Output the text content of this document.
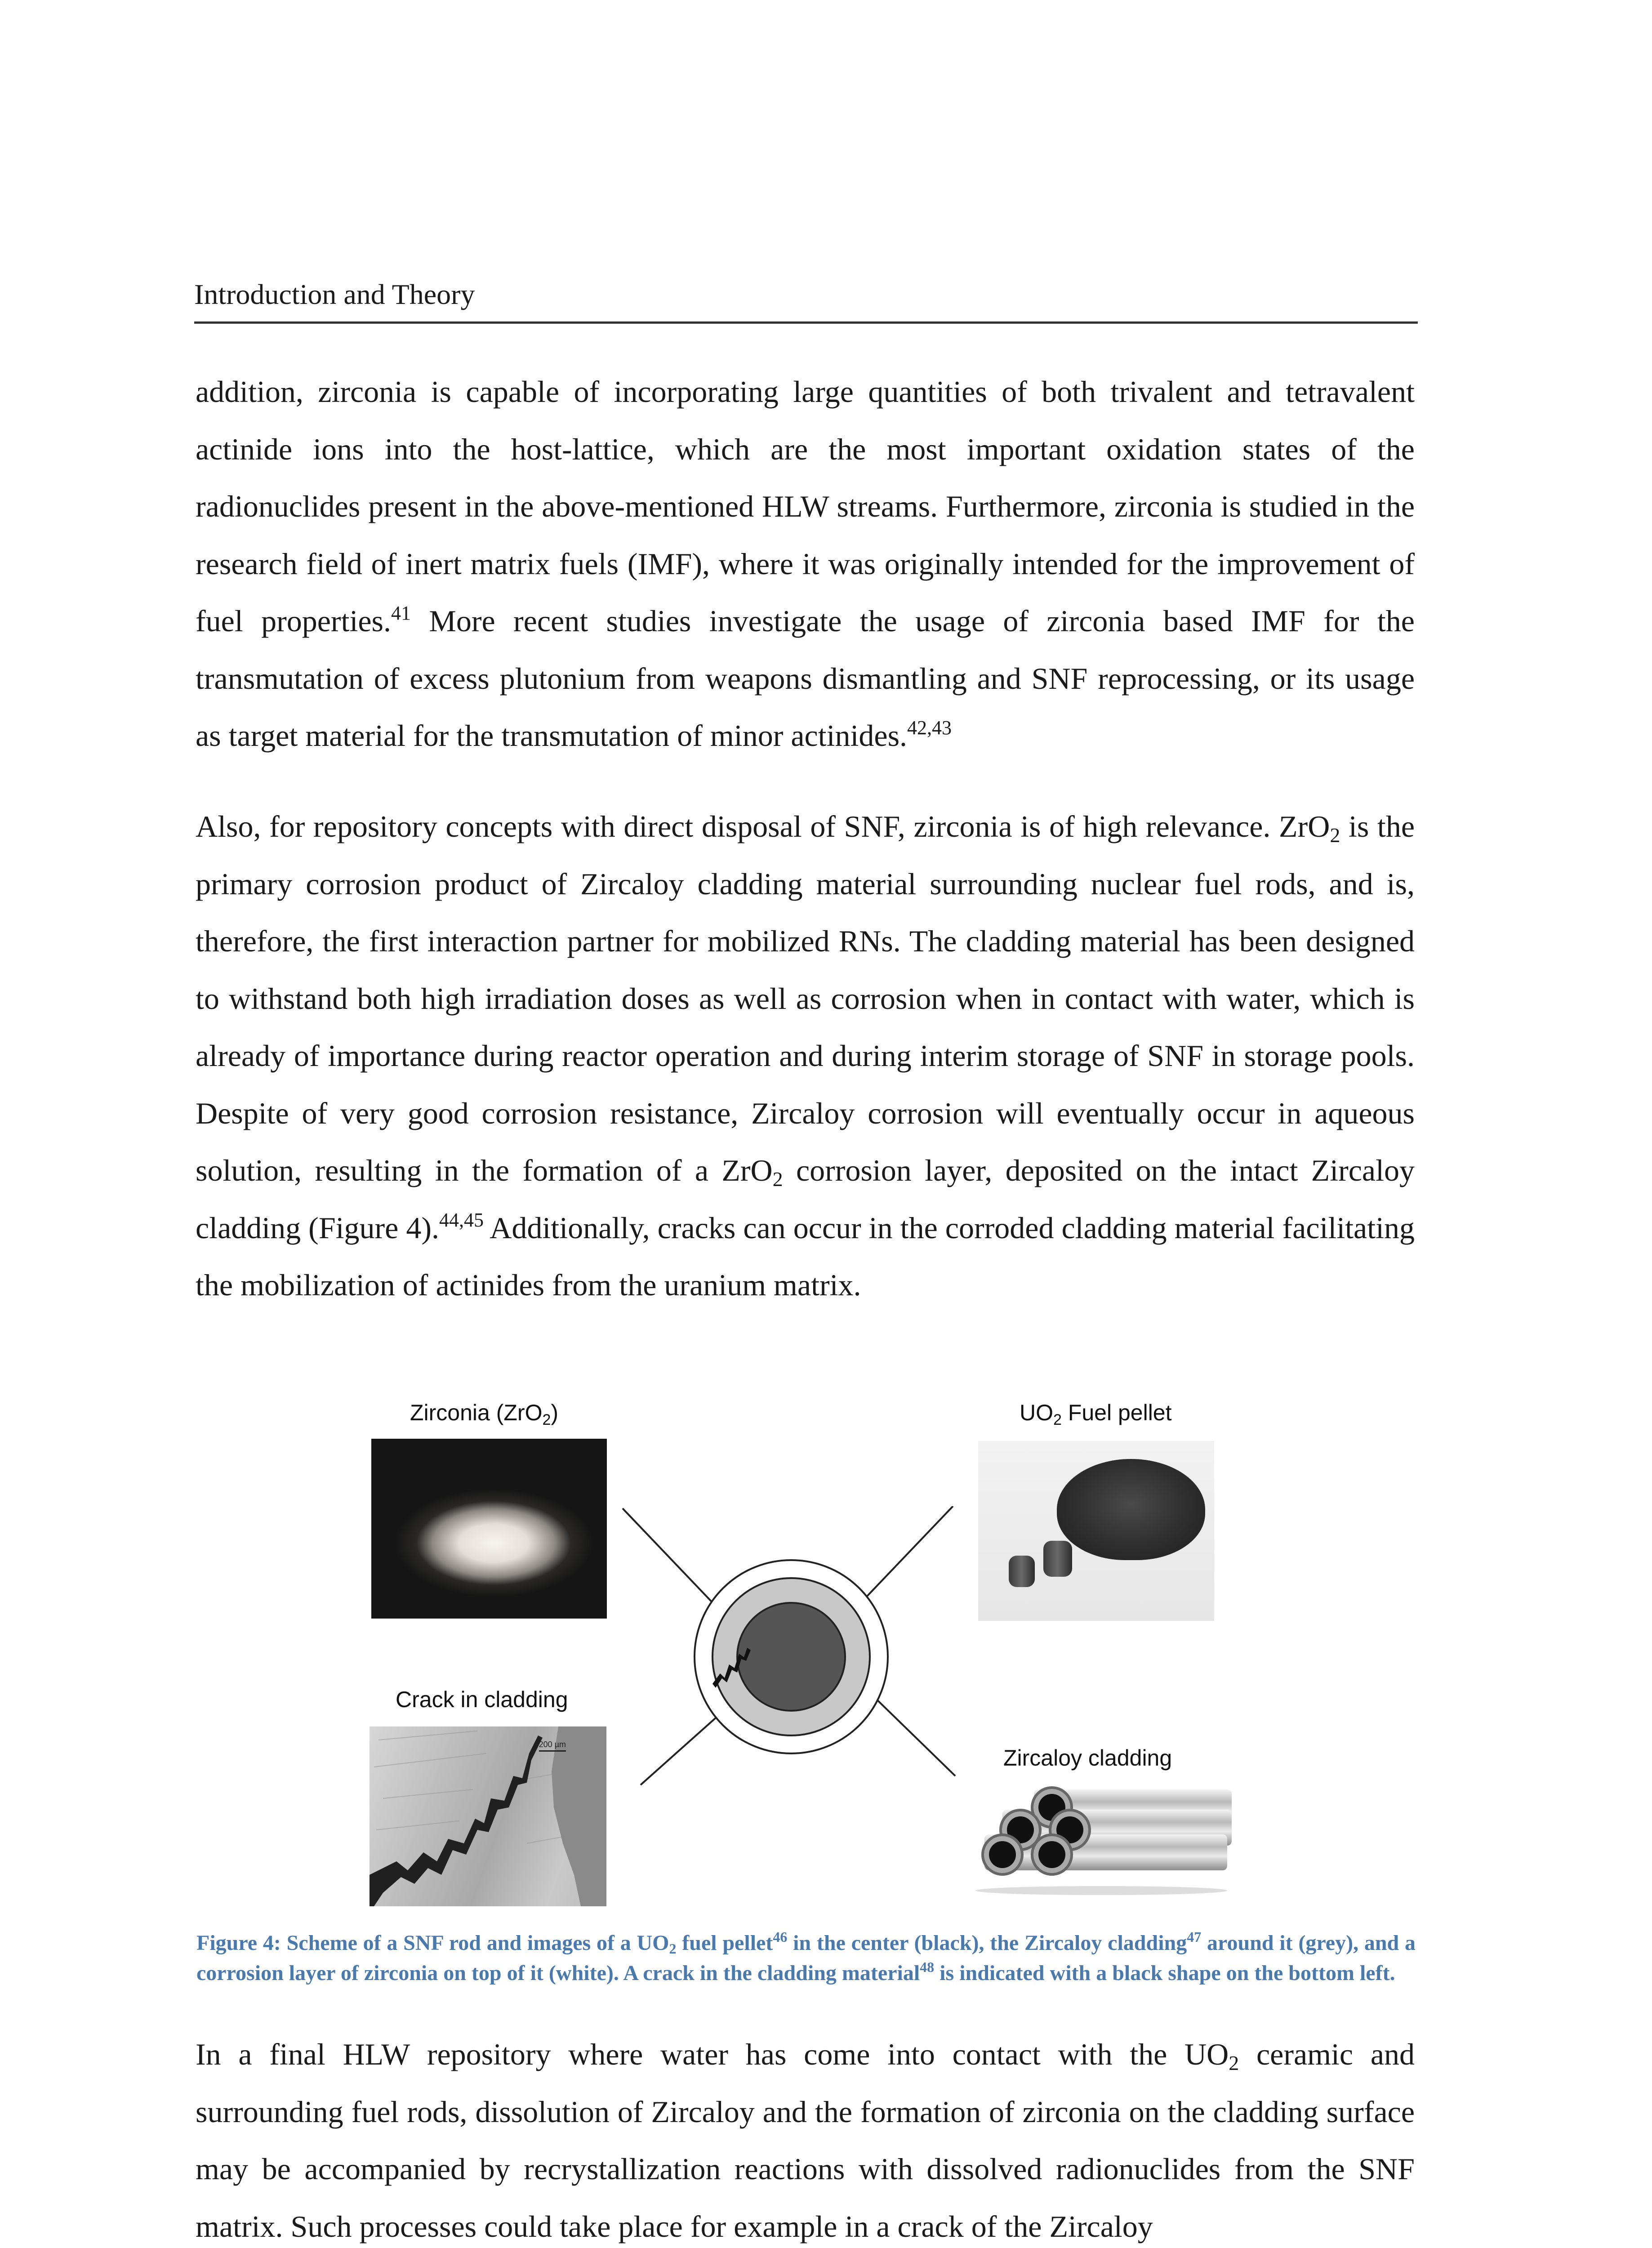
Introduction and Theory

addition, zirconia is capable of incorporating large quantities of both trivalent and tetravalent actinide ions into the host-lattice, which are the most important oxidation states of the radionuclides present in the above-mentioned HLW streams. Furthermore, zirconia is studied in the research field of inert matrix fuels (IMF), where it was originally intended for the improvement of fuel properties.$^{41}$ More recent studies investigate the usage of zirconia based IMF for the transmutation of excess plutonium from weapons dismantling and SNF reprocessing, or its usage as target material for the transmutation of minor actinides.$^{42,43}$

Also, for repository concepts with direct disposal of SNF, zirconia is of high relevance. ZrO$_2$ is the primary corrosion product of Zircaloy cladding material surrounding nuclear fuel rods, and is, therefore, the first interaction partner for mobilized RNs. The cladding material has been designed to withstand both high irradiation doses as well as corrosion when in contact with water, which is already of importance during reactor operation and during interim storage of SNF in storage pools. Despite of very good corrosion resistance, Zircaloy corrosion will eventually occur in aqueous solution, resulting in the formation of a ZrO$_2$ corrosion layer, deposited on the intact Zircaloy cladding (Figure 4).$^{44,45}$ Additionally, cracks can occur in the corroded cladding material facilitating the mobilization of actinides from the uranium matrix.

Zirconia (ZrO$_2$)	$UO_2$ Fuel pellet
Crack in cladding
Zircaloy cladding
200 µm

Figure 4: Scheme of a SNF rod and images of a $UO_2$ fuel pellet$^{46}$ in the center (black), the Zircaloy cladding$^{47}$ around it (grey), and a corrosion layer of zirconia on top of it (white). A crack in the cladding material$^{48}$ is indicated with a black shape on the bottom left.

In a final HLW repository where water has come into contact with the $UO_2$ ceramic and surrounding fuel rods, dissolution of Zircaloy and the formation of zirconia on the cladding surface may be accompanied by recrystallization reactions with dissolved radionuclides from the SNF matrix. Such processes could take place for example in a crack of the Zircaloy
